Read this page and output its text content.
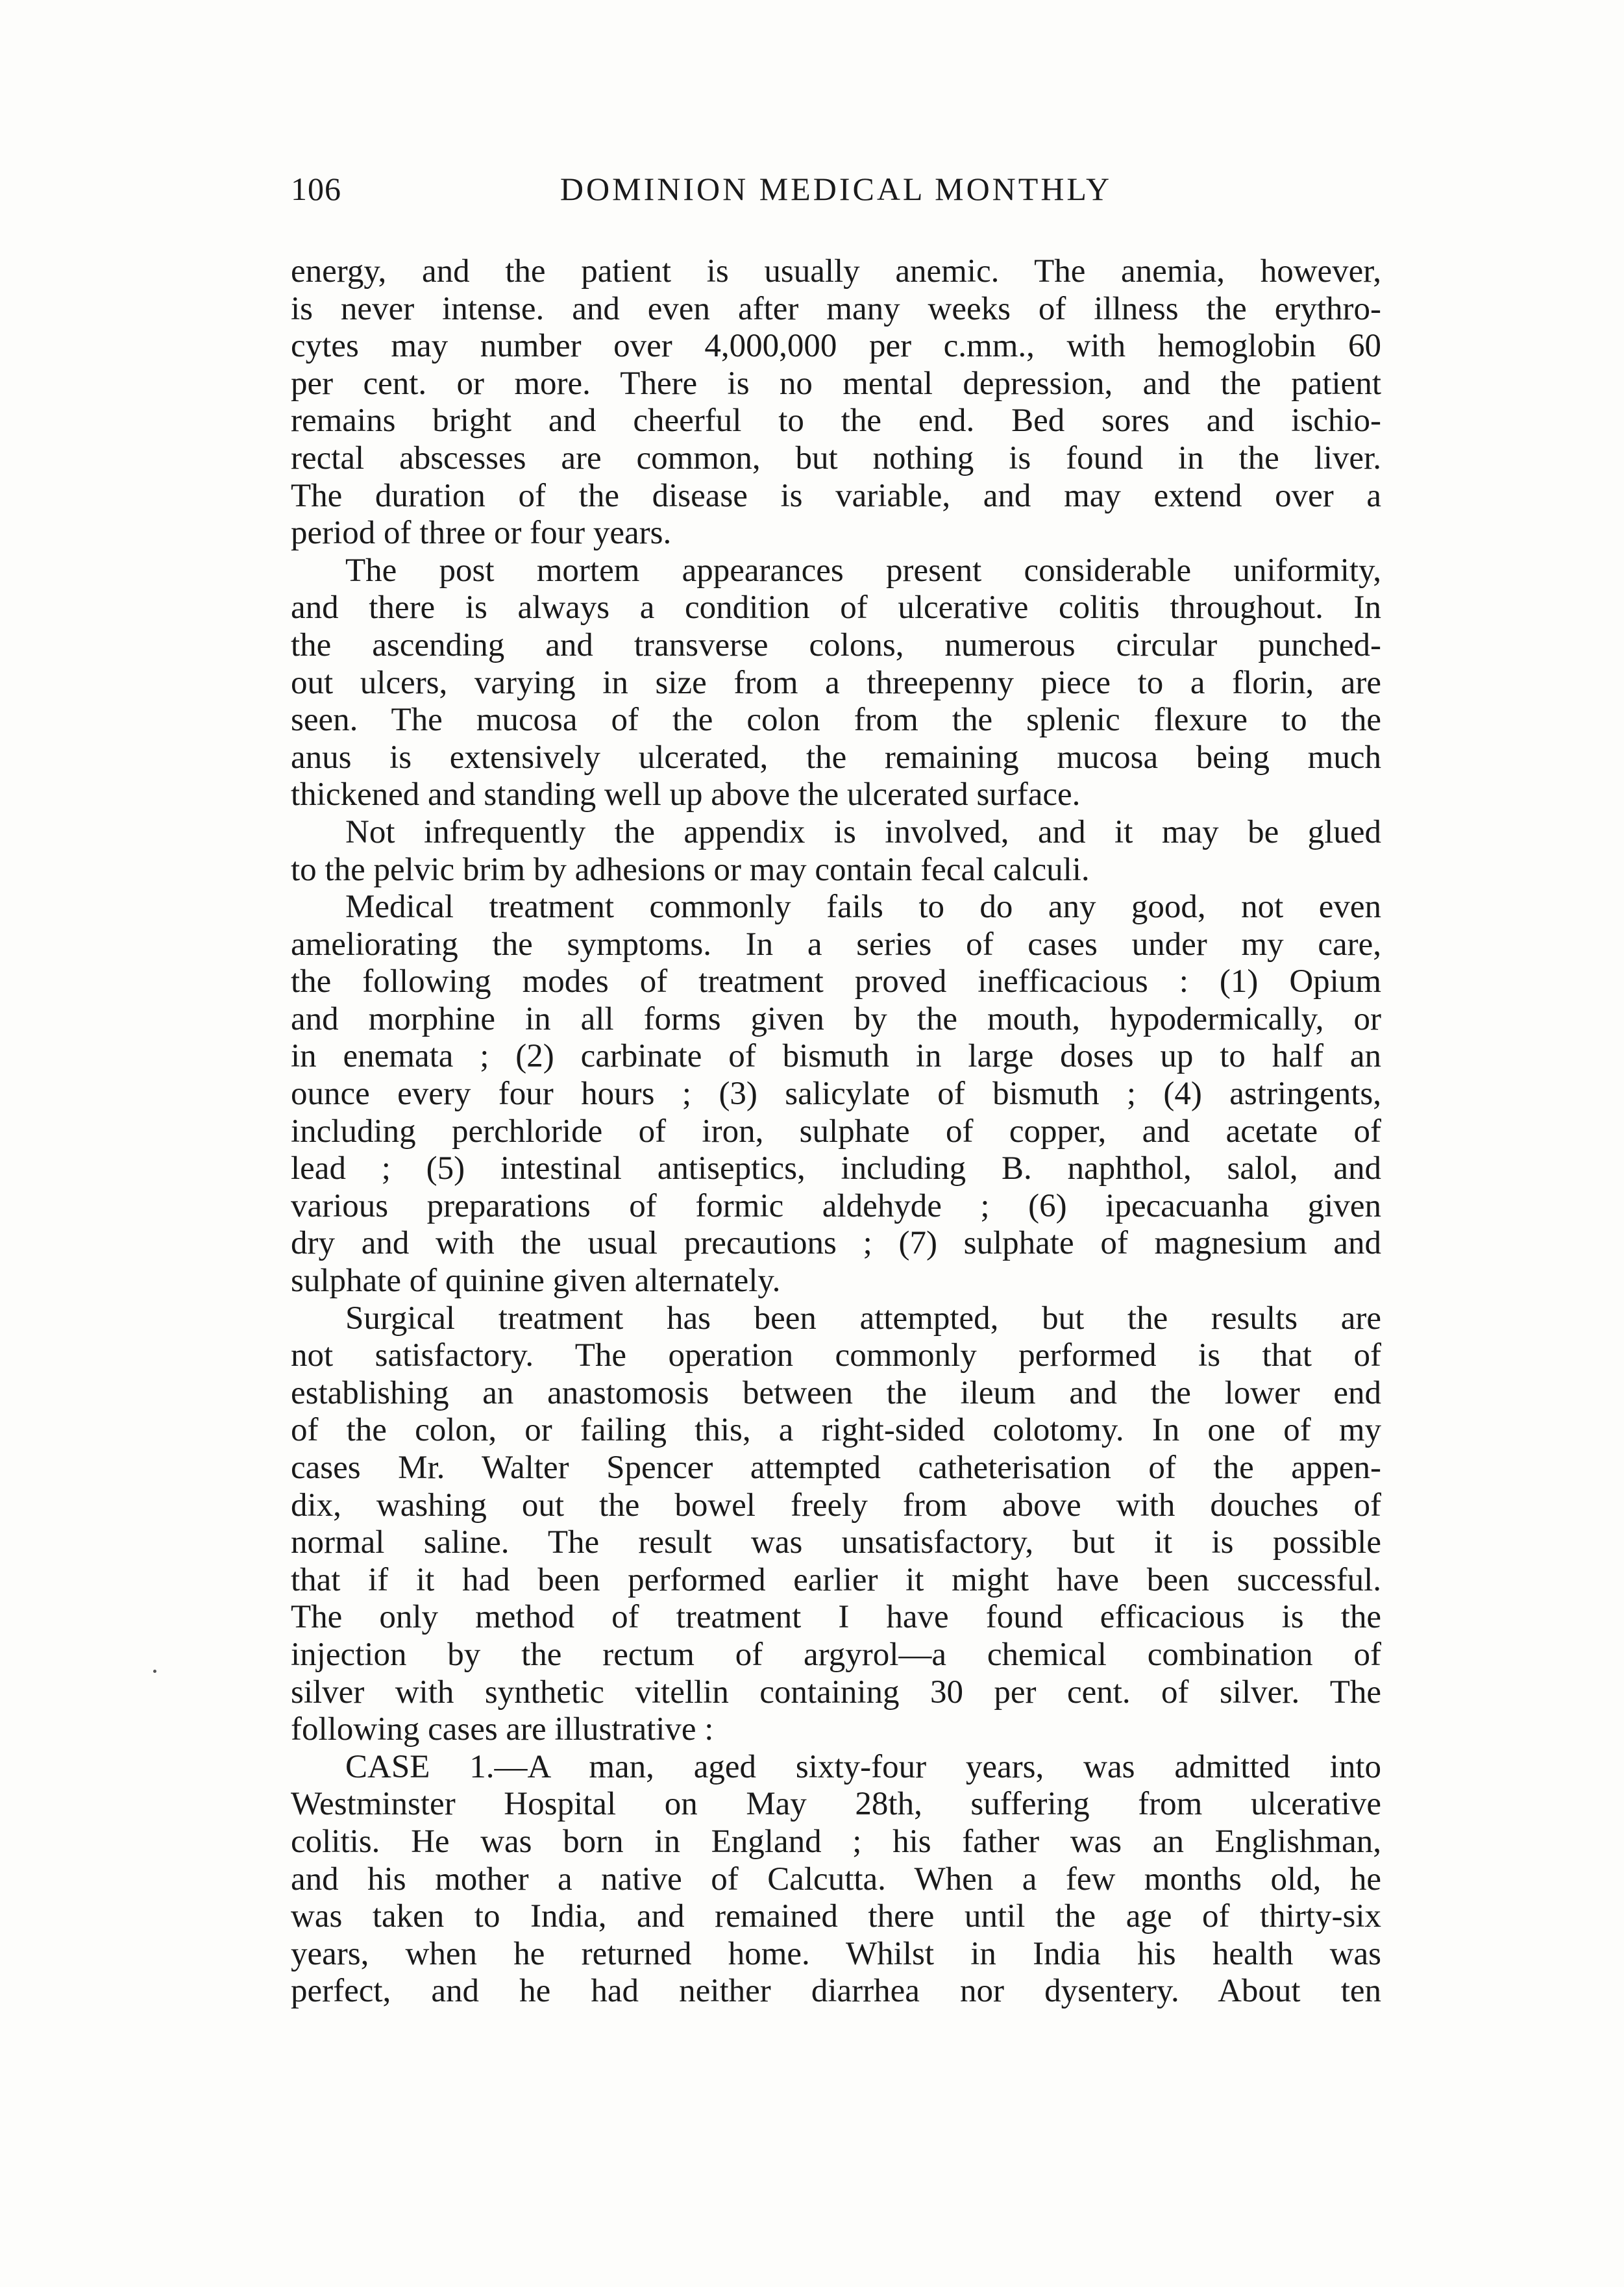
106	DOMINION MEDICAL MONTHLY
energy, and the patient is usually anemic. The anemia, however,
is never intense. and even after many weeks of illness the erythro-
cytes may number over 4,000,000 per c.mm., with hemoglobin 60
per cent. or more. There is no mental depression, and the patient
remains bright and cheerful to the end. Bed sores and ischio-
rectal abscesses are common, but nothing is found in the liver.
The duration of the disease is variable, and may extend over a
period of three or four years.
The post mortem appearances present considerable uniformity,
and there is always a condition of ulcerative colitis throughout. In
the ascending and transverse colons, numerous circular punched-
out ulcers, varying in size from a threepenny piece to a florin, are
seen. The mucosa of the colon from the splenic flexure to the
anus is extensively ulcerated, the remaining mucosa being much
thickened and standing well up above the ulcerated surface.
Not infrequently the appendix is involved, and it may be glued
to the pelvic brim by adhesions or may contain fecal calculi.
Medical treatment commonly fails to do any good, not even
ameliorating the symptoms. In a series of cases under my care,
the following modes of treatment proved inefficacious : (1) Opium
and morphine in all forms given by the mouth, hypodermically, or
in enemata ; (2) carbinate of bismuth in large doses up to half an
ounce every four hours ; (3) salicylate of bismuth ; (4) astringents,
including perchloride of iron, sulphate of copper, and acetate of
lead ; (5) intestinal antiseptics, including B. naphthol, salol, and
various preparations of formic aldehyde ; (6) ipecacuanha given
dry and with the usual precautions ; (7) sulphate of magnesium and
sulphate of quinine given alternately.
Surgical treatment has been attempted, but the results are
not satisfactory. The operation commonly performed is that of
establishing an anastomosis between the ileum and the lower end
of the colon, or failing this, a right-sided colotomy. In one of my
cases Mr. Walter Spencer attempted catheterisation of the appen-
dix, washing out the bowel freely from above with douches of
normal saline. The result was unsatisfactory, but it is possible
that if it had been performed earlier it might have been successful.
The only method of treatment I have found efficacious is the
injection by the rectum of argyrol—a chemical combination of
silver with synthetic vitellin containing 30 per cent. of silver. The
following cases are illustrative :
CASE 1.—A man, aged sixty-four years, was admitted into
Westminster Hospital on May 28th, suffering from ulcerative
colitis. He was born in England ; his father was an Englishman,
and his mother a native of Calcutta. When a few months old, he
was taken to India, and remained there until the age of thirty-six
years, when he returned home. Whilst in India his health was
perfect, and he had neither diarrhea nor dysentery. About ten
